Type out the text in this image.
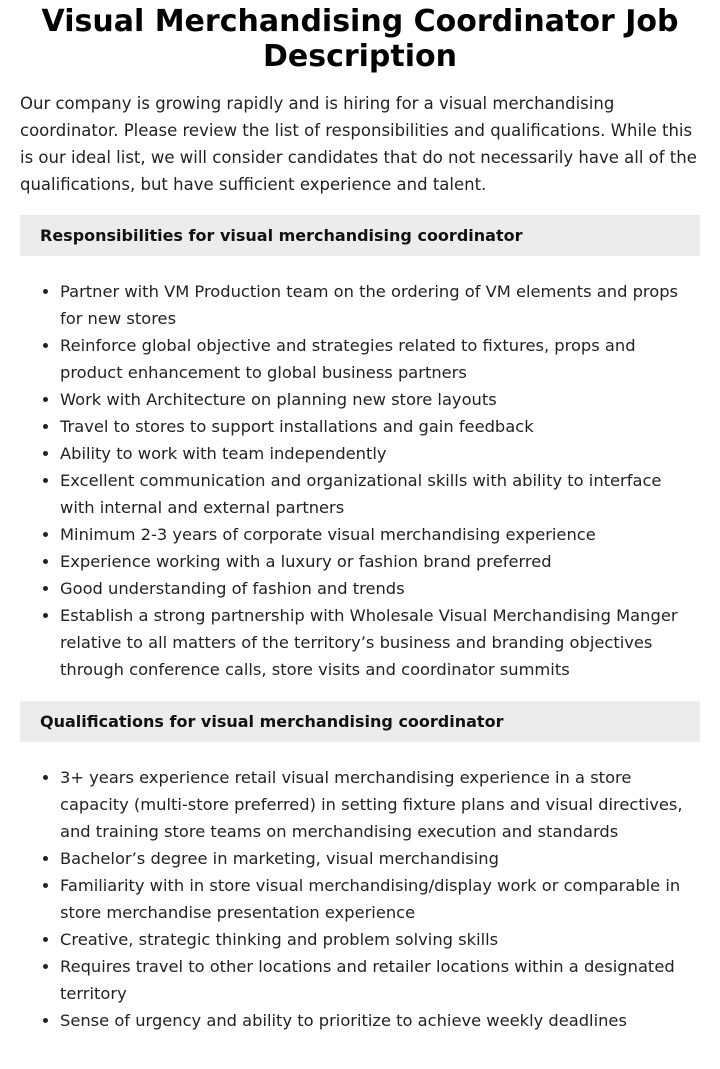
Visual Merchandising Coordinator Job Description

Our company is growing rapidly and is hiring for a visual merchandising coordinator. Please review the list of responsibilities and qualifications. While this is our ideal list, we will consider candidates that do not necessarily have all of the qualifications, but have sufficient experience and talent.

Responsibilities for visual merchandising coordinator
• Partner with VM Production team on the ordering of VM elements and props for new stores
• Reinforce global objective and strategies related to fixtures, props and product enhancement to global business partners
• Work with Architecture on planning new store layouts
• Travel to stores to support installations and gain feedback
• Ability to work with team independently
• Excellent communication and organizational skills with ability to interface with internal and external partners
• Minimum 2-3 years of corporate visual merchandising experience
• Experience working with a luxury or fashion brand preferred
• Good understanding of fashion and trends
• Establish a strong partnership with Wholesale Visual Merchandising Manger relative to all matters of the territory’s business and branding objectives through conference calls, store visits and coordinator summits
Qualifications for visual merchandising coordinator
• 3+ years experience retail visual merchandising experience in a store capacity (multi-store preferred) in setting fixture plans and visual directives, and training store teams on merchandising execution and standards
• Bachelor’s degree in marketing, visual merchandising
• Familiarity with in store visual merchandising/display work or comparable in store merchandise presentation experience
• Creative, strategic thinking and problem solving skills
• Requires travel to other locations and retailer locations within a designated territory
• Sense of urgency and ability to prioritize to achieve weekly deadlines
